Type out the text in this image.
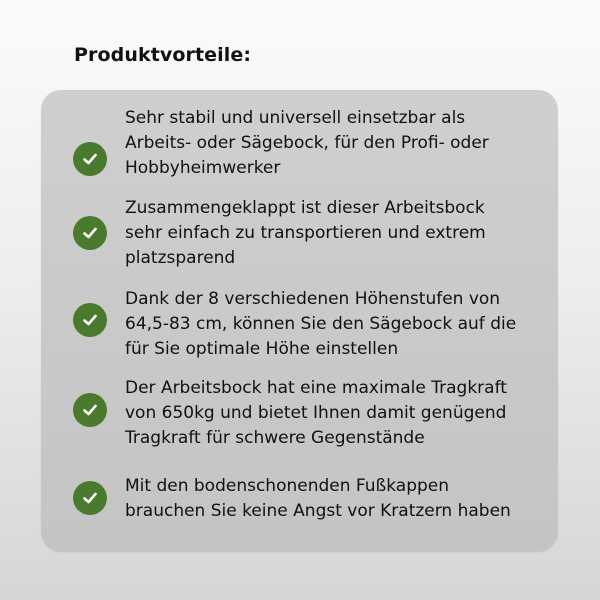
Produktvorteile:
Sehr stabil und universell einsetzbar als
Arbeits- oder Sägebock, für den Profi- oder
Hobbyheimwerker
Zusammengeklappt ist dieser Arbeitsbock
sehr einfach zu transportieren und extrem
platzsparend
Dank der 8 verschiedenen Höhenstufen von
64,5-83 cm, können Sie den Sägebock auf die
für Sie optimale Höhe einstellen
Der Arbeitsbock hat eine maximale Tragkraft
von 650kg und bietet Ihnen damit genügend
Tragkraft für schwere Gegenstände
Mit den bodenschonenden Fußkappen
brauchen Sie keine Angst vor Kratzern haben
